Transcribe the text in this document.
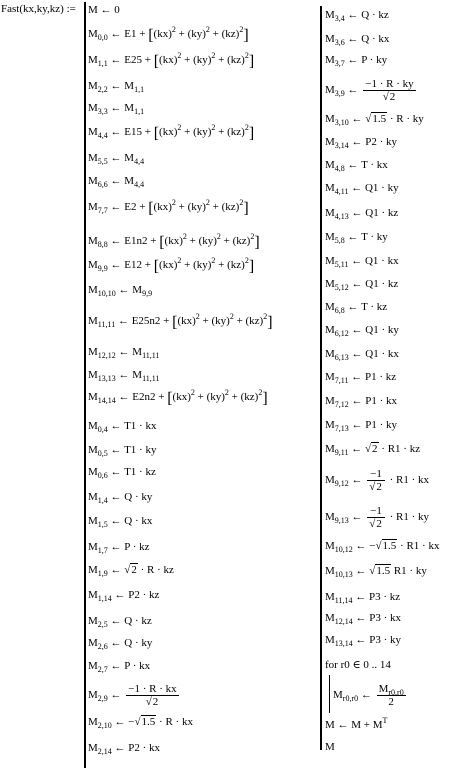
Fast(kx,ky,kz) := M ← 0
$M_{0,0}$ ← E1 + [(kx)$^2$ + (ky)$^2$ + (kz)$^2$]
$M_{1,1}$ ← E25 + [(kx)$^2$ + (ky)$^2$ + (kz)$^2$]
$M_{2,2}$ ← $M_{1,1}$
$M_{3,3}$ ← $M_{1,1}$
$M_{4,4}$ ← E15 + [(kx)$^2$ + (ky)$^2$ + (kz)$^2$]
$M_{5,5}$ ← $M_{4,4}$
$M_{6,6}$ ← $M_{4,4}$
$M_{7,7}$ ← E2 + [(kx)$^2$ + (ky)$^2$ + (kz)$^2$]
$M_{8,8}$ ← E1n2 + [(kx)$^2$ + (ky)$^2$ + (kz)$^2$]
$M_{9,9}$ ← E12 + [(kx)$^2$ + (ky)$^2$ + (kz)$^2$]
$M_{10,10}$ ← $M_{9,9}$
$M_{11,11}$ ← E25n2 + [(kx)$^2$ + (ky)$^2$ + (kz)$^2$]
$M_{12,12}$ ← $M_{11,11}$
$M_{13,13}$ ← $M_{11,11}$
$M_{14,14}$ ← E2n2 + [(kx)$^2$ + (ky)$^2$ + (kz)$^2$]
$M_{0,4}$ ← T1 · kx
$M_{0,5}$ ← T1 · ky
$M_{0,6}$ ← T1 · kz
$M_{1,4}$ ← Q · ky
$M_{1,5}$ ← Q · kx
$M_{1,7}$ ← P · kz
$M_{1,9}$ ← √2 · R · kz
$M_{1,14}$ ← P2 · kz
$M_{2,5}$ ← Q · kz
$M_{2,6}$ ← Q · ky
$M_{2,7}$ ← P · kx
$M_{2,9}$ ← $\frac{-1 \cdot R \cdot kx}{√2}$
$M_{2,10}$ ← −√1.5 · R · kx
$M_{2,14}$ ← P2 · kx
$M_{3,4}$ ← Q · kz
$M_{3,6}$ ← Q · kx
$M_{3,7}$ ← P · ky
$M_{3,9}$ ← $\frac{-1 \cdot R \cdot ky}{√2}$
$M_{3,10}$ ← √1.5 · R · ky
$M_{3,14}$ ← P2 · ky
$M_{4,8}$ ← T · kx
$M_{4,11}$ ← Q1 · ky
$M_{4,13}$ ← Q1 · kz
$M_{5,8}$ ← T · ky
$M_{5,11}$ ← Q1 · kx
$M_{5,12}$ ← Q1 · kz
$M_{6,8}$ ← T · kz
$M_{6,12}$ ← Q1 · ky
$M_{6,13}$ ← Q1 · kx
$M_{7,11}$ ← P1 · kz
$M_{7,12}$ ← P1 · kx
$M_{7,13}$ ← P1 · ky
$M_{9,11}$ ← √2 · R1 · kz
$M_{9,12}$ ← $\frac{-1}{√2} \cdot R1$ · kx
$M_{9,13}$ ← $\frac{-1}{√2} \cdot R1$ · ky
$M_{10,12}$ ← −√1.5 · R1 · kx
$M_{10,13}$ ← √1.5 R1 · ky
$M_{11,14}$ ← P3 · kz
$M_{12,14}$ ← P3 · kx
$M_{13,14}$ ← P3 · ky
for r0 ∈ 0 .. 14
$M_{r0,r0}$ ← $\frac{M_{r0,r0}}{2}$
M ← $M + M^T$
M
